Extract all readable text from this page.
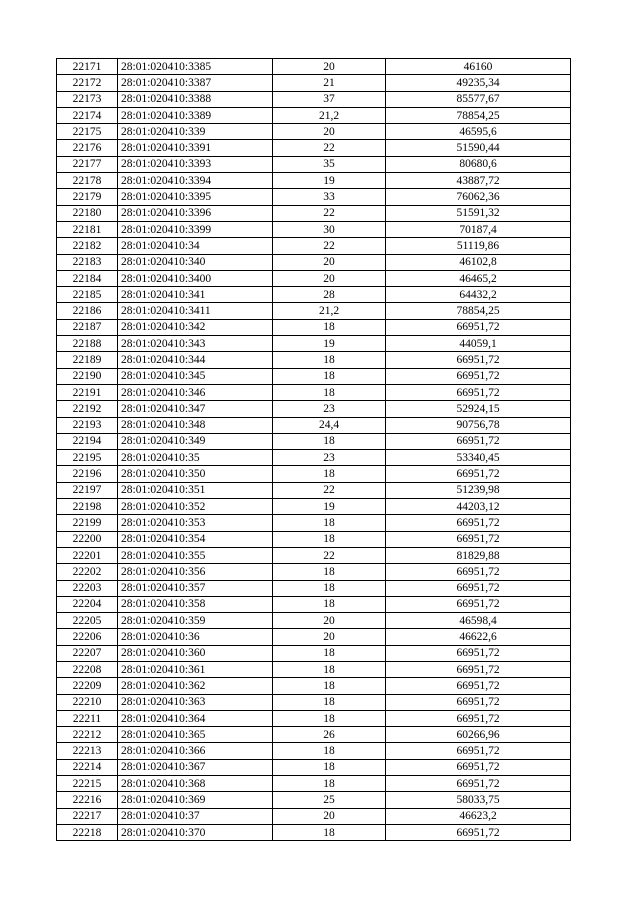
22171	28:01:020410:3385	20	46160
22172	28:01:020410:3387	21	49235,34
22173	28:01:020410:3388	37	85577,67
22174	28:01:020410:3389	21,2	78854,25
22175	28:01:020410:339	20	46595,6
22176	28:01:020410:3391	22	51590,44
22177	28:01:020410:3393	35	80680,6
22178	28:01:020410:3394	19	43887,72
22179	28:01:020410:3395	33	76062,36
22180	28:01:020410:3396	22	51591,32
22181	28:01:020410:3399	30	70187,4
22182	28:01:020410:34	22	51119,86
22183	28:01:020410:340	20	46102,8
22184	28:01:020410:3400	20	46465,2
22185	28:01:020410:341	28	64432,2
22186	28:01:020410:3411	21,2	78854,25
22187	28:01:020410:342	18	66951,72
22188	28:01:020410:343	19	44059,1
22189	28:01:020410:344	18	66951,72
22190	28:01:020410:345	18	66951,72
22191	28:01:020410:346	18	66951,72
22192	28:01:020410:347	23	52924,15
22193	28:01:020410:348	24,4	90756,78
22194	28:01:020410:349	18	66951,72
22195	28:01:020410:35	23	53340,45
22196	28:01:020410:350	18	66951,72
22197	28:01:020410:351	22	51239,98
22198	28:01:020410:352	19	44203,12
22199	28:01:020410:353	18	66951,72
22200	28:01:020410:354	18	66951,72
22201	28:01:020410:355	22	81829,88
22202	28:01:020410:356	18	66951,72
22203	28:01:020410:357	18	66951,72
22204	28:01:020410:358	18	66951,72
22205	28:01:020410:359	20	46598,4
22206	28:01:020410:36	20	46622,6
22207	28:01:020410:360	18	66951,72
22208	28:01:020410:361	18	66951,72
22209	28:01:020410:362	18	66951,72
22210	28:01:020410:363	18	66951,72
22211	28:01:020410:364	18	66951,72
22212	28:01:020410:365	26	60266,96
22213	28:01:020410:366	18	66951,72
22214	28:01:020410:367	18	66951,72
22215	28:01:020410:368	18	66951,72
22216	28:01:020410:369	25	58033,75
22217	28:01:020410:37	20	46623,2
22218	28:01:020410:370	18	66951,72
